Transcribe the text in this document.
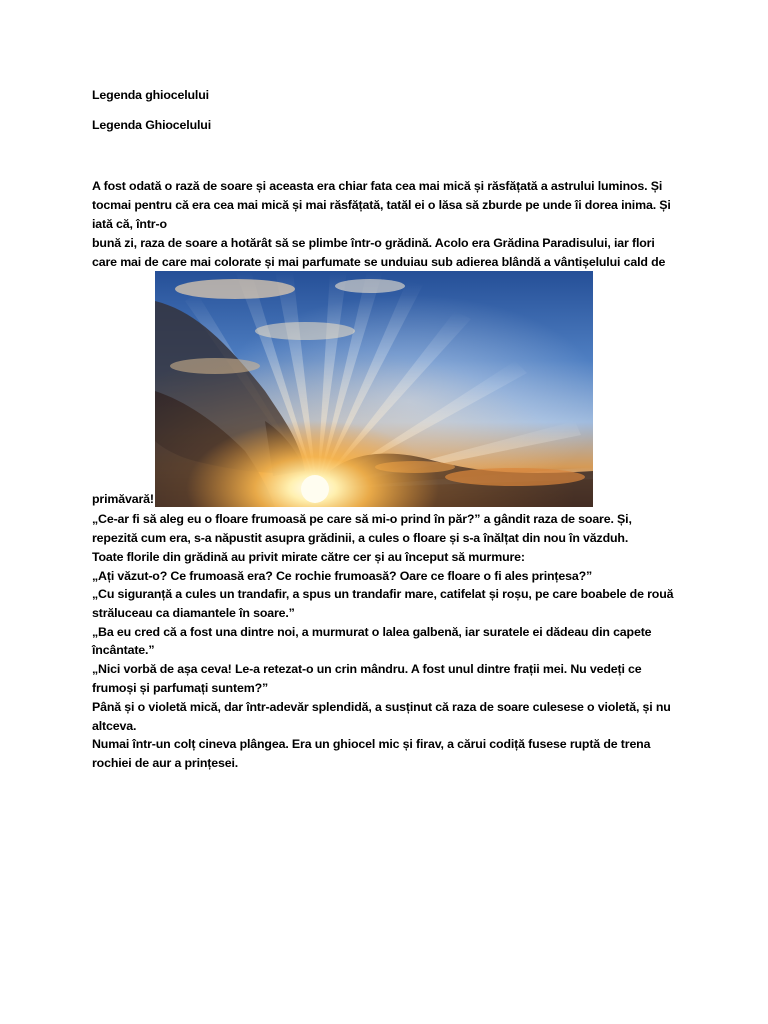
Legenda ghiocelului
Legenda Ghiocelului
A fost odată o rază de soare și aceasta era chiar fata cea mai mică și răsfățată a astrului luminos. Și
tocmai pentru că era cea mai mică și mai răsfățată, tatăl ei o lăsa să zburde pe unde îi dorea inima. Și
iată că, într-o
bună zi, raza de soare a hotărât să se plimbe într-o grădină. Acolo era Grădina Paradisului, iar flori
care mai de care mai colorate și mai parfumate se unduiau sub adierea blândă a vântișelului cald de
primăvară!
„Ce-ar fi să aleg eu o floare frumoasă pe care să mi-o prind în păr?” a gândit raza de soare. Și,
repezită cum era, s-a năpustit asupra grădinii, a cules o floare și s-a înălțat din nou în văzduh.
Toate florile din grădină au privit mirate către cer și au început să murmure:
„Ați văzut-o? Ce frumoasă era? Ce rochie frumoasă? Oare ce floare o fi ales prințesa?”
„Cu siguranță a cules un trandafir, a spus un trandafir mare, catifelat și roșu, pe care boabele de rouă
străluceau ca diamantele în soare.”
„Ba eu cred că a fost una dintre noi, a murmurat o lalea galbenă, iar suratele ei dădeau din capete
încântate.”
„Nici vorbă de așa ceva! Le-a retezat-o un crin mândru. A fost unul dintre frații mei. Nu vedeți ce
frumoși și parfumați suntem?”
Până și o violetă mică, dar într-adevăr splendidă, a susținut că raza de soare culesese o violetă, și nu
altceva.
Numai într-un colț cineva plângea. Era un ghiocel mic și firav, a cărui codiță fusese ruptă de trena
rochiei de aur a prințesei.
